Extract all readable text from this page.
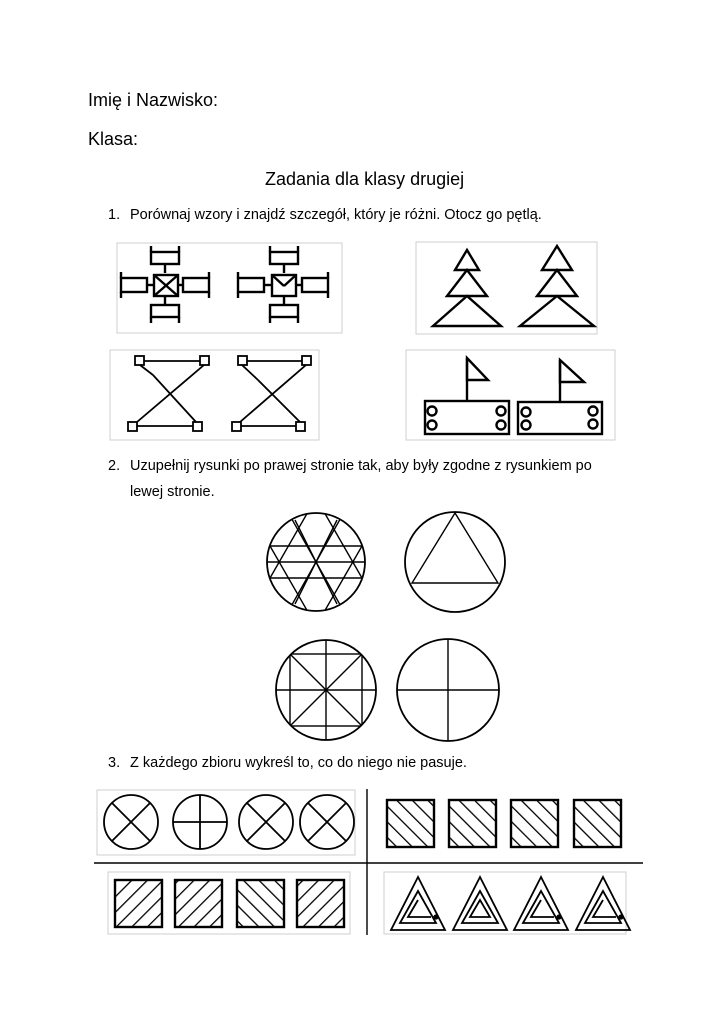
Imię i Nazwisko:
Klasa:
Zadania dla klasy drugiej
1. Porównaj wzory i znajdź szczegół, który je różni. Otocz go pętlą.
2. Uzupełnij rysunki po prawej stronie tak, aby były zgodne z rysunkiem po
lewej stronie.
3. Z każdego zbioru wykreśl to, co do niego nie pasuje.
